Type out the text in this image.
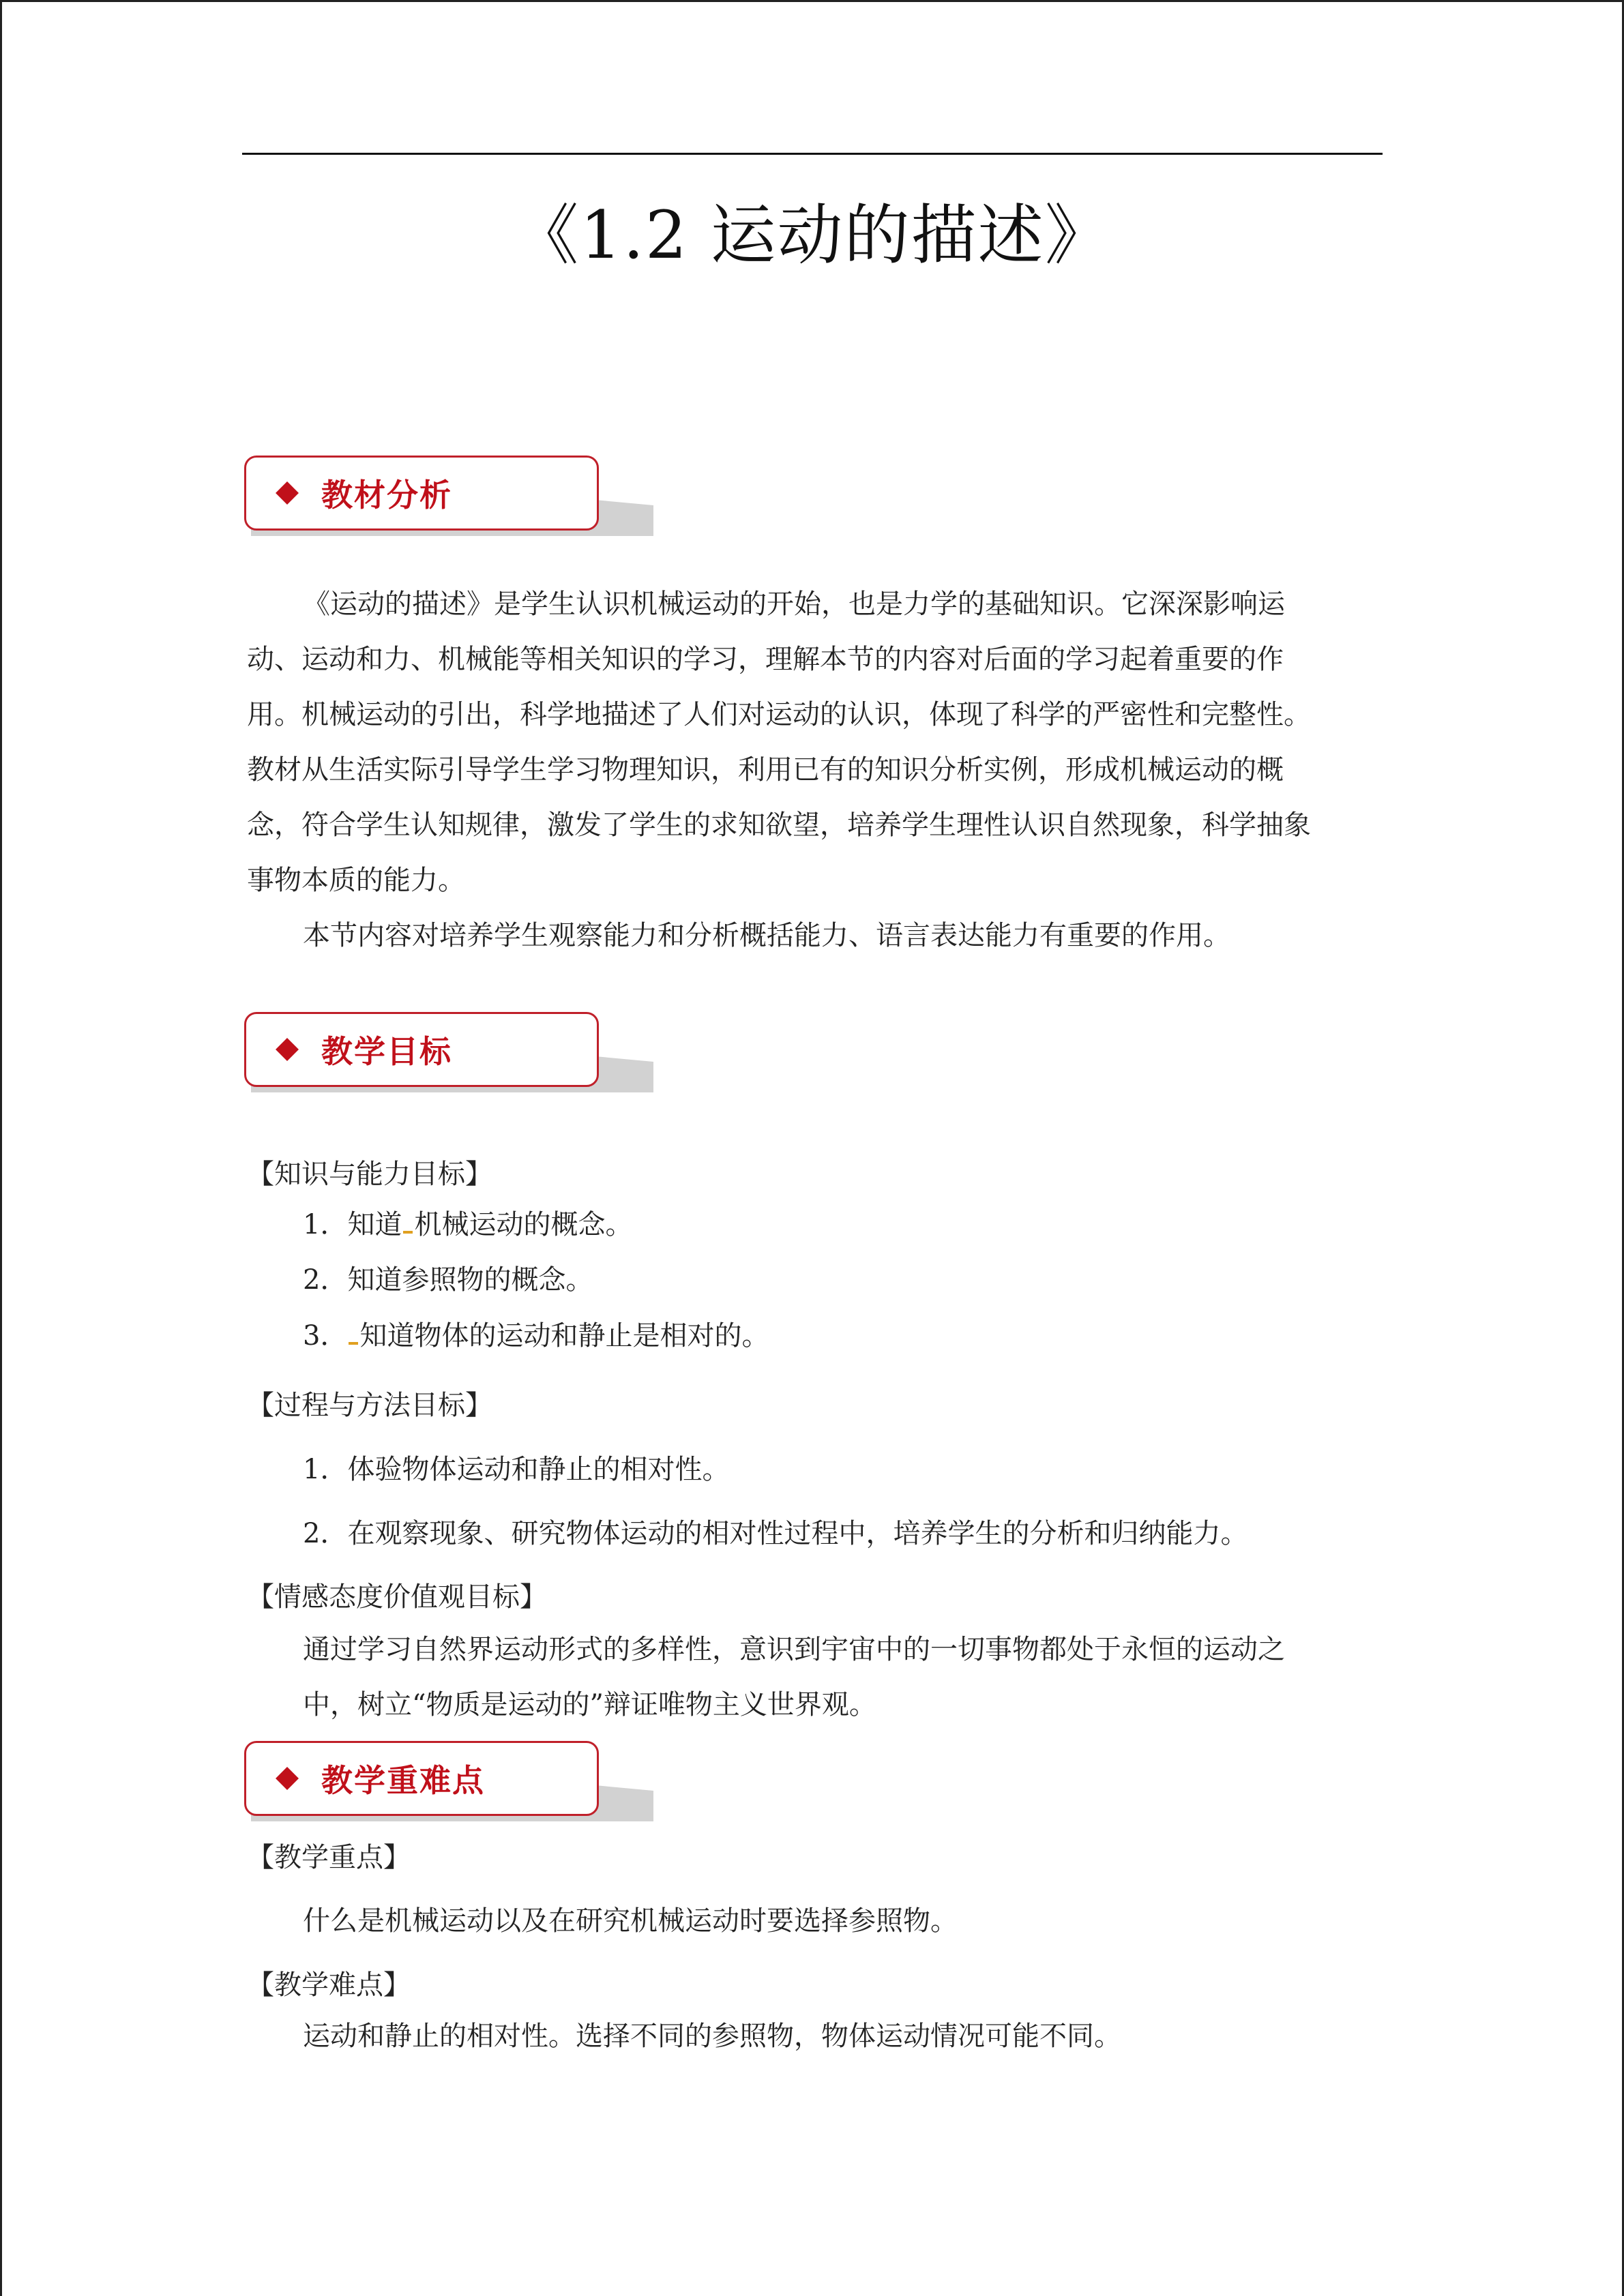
《1.2 运动的描述》
教材分析
《运动的描述》是学生认识机械运动的开始，也是力学的基础知识。它深深影响运
动、运动和力、机械能等相关知识的学习，理解本节的内容对后面的学习起着重要的作
用。机械运动的引出，科学地描述了人们对运动的认识，体现了科学的严密性和完整性。
教材从生活实际引导学生学习物理知识，利用已有的知识分析实例，形成机械运动的概
念，符合学生认知规律，激发了学生的求知欲望，培养学生理性认识自然现象，科学抽象
事物本质的能力。
本节内容对培养学生观察能力和分析概括能力、语言表达能力有重要的作用。
教学目标
【知识与能力目标】
1．知道 机械运动的概念。
2．知道参照物的概念。
3． 知道物体的运动和静止是相对的。
【过程与方法目标】
1．体验物体运动和静止的相对性。
2．在观察现象、研究物体运动的相对性过程中，培养学生的分析和归纳能力。
【情感态度价值观目标】
通过学习自然界运动形式的多样性，意识到宇宙中的一切事物都处于永恒的运动之
中，树立“物质是运动的”辩证唯物主义世界观。
教学重难点
【教学重点】
什么是机械运动以及在研究机械运动时要选择参照物。
【教学难点】
运动和静止的相对性。选择不同的参照物，物体运动情况可能不同。
